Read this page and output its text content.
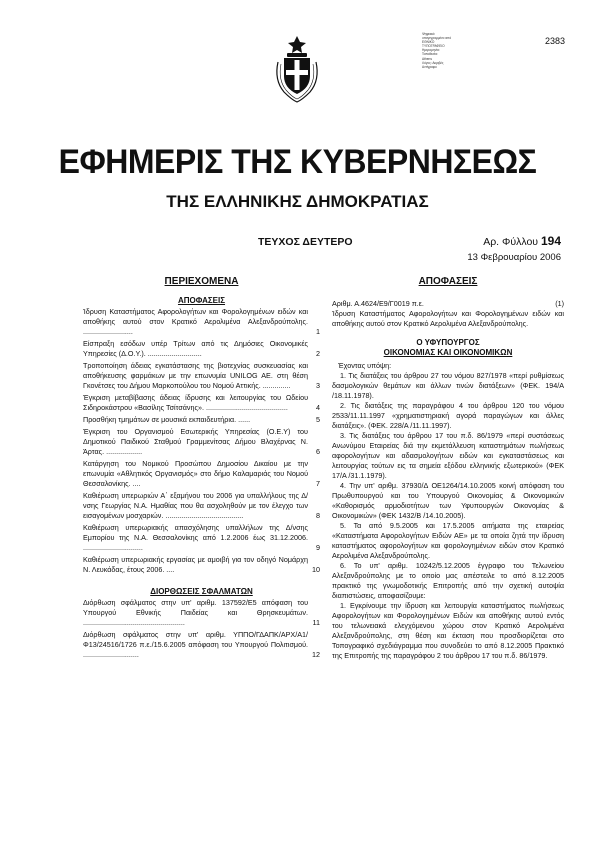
Ψηφιακά
υπογεγραμμένο από
ΕΘΝΙΚΟ
ΤΥΠΟΓΡΑΦΕΙΟ
Ημερομηνία:
Τοποθεσία:
Athens
Λόγος: Ακριβές
Αντίγραφο
2383
ΕΦΗΜΕΡΙΣ ΤΗΣ ΚΥΒΕΡΝΗΣΕΩΣ
ΤΗΣ ΕΛΛΗΝΙΚΗΣ ΔΗΜΟΚΡΑΤΙΑΣ
ΤΕΥΧΟΣ ΔΕΥΤΕΡΟ	Αρ. Φύλλου 194
13 Φεβρουαρίου 2006
ΠΕΡΙΕΧΟΜΕΝΑ
ΑΠΟΦΑΣΕΙΣ
Ίδρυση Καταστήματος Αφορολογήτων και Φορολογημένων ειδών και αποθήκης αυτού στον Κρατικό Αερολιμένα Αλεξανδρούπολης. .........................	1
Είσπραξη εσόδων υπέρ Τρίτων από τις Δημόσιες Οικονομικές Υπηρεσίες (Δ.Ο.Υ.). ...........................	2
Τροποποίηση άδειας εγκατάστασης της βιοτεχνίας συσκευασίας και αποθήκευσης φαρμάκων με την επωνυμία UNILOG AE. στη θέση Γκονέτσες του Δήμου Μαρκοπούλου του Νομού Αττικής. ..............	3
Έγκριση μεταβίβασης άδειας ίδρυσης και λειτουργίας του Ωδείου Σιδηροκάστρου «Βασίλης Τσίτσάνης». .........................................	4
Προσθήκη τμημάτων σε μουσικά εκπαιδευτήρια. ......	5
Έγκριση του Οργανισμού Εσωτερικής Υπηρεσίας (Ο.Ε.Υ) του Δημοτικού Παιδικού Σταθμού Γραμμενίτσας Δήμου Βλαχέρνας Ν. Άρτας. ..................	6
Κατάργηση του Νομικού Προσώπου Δημοσίου Δικαίου με την επωνυμία «Αθλητικός Οργανισμός» στο δήμο Καλαμαριάς του Νομού Θεσσαλονίκης. ....	7
Καθιέρωση υπερωριών Α΄ εξαμήνου του 2006 για υπαλλήλους της Δ/νσης Γεωργίας Ν.Α. Ημαθίας που θα ασχοληθούν με τον έλεγχο των εισαγομένων μοσχαριών. .......................................	8
Καθιέρωση υπερωριακής απασχόλησης υπαλλήλων της Δ/νσης Εμπορίου της Ν.Α. Θεσσαλονίκης από 1.2.2006 έως 31.12.2006. ..............................	9
Καθιέρωση υπερωριακής εργασίας με αμοιβή για τον οδηγό Νομάρχη Ν. Λευκάδας, έτους 2006. ....	10
ΔΙΟΡΘΩΣΕΙΣ ΣΦΑΛΜΑΤΩΝ
Διόρθωση σφάλματος στην υπ' αριθμ. 137592/Ε5 απόφαση του Υπουργού Εθνικής Παιδείας και Θρησκευμάτων. ...................................................	11
Διόρθωση σφάλματος στην υπ' αριθμ. ΥΠΠΟ/ΓΔΑΠΚ/ΑΡΧ/Α1/Φ13/24516/1726 π.ε./15.6.2005 απόφαση του Υπουργού Πολιτισμού. ............................	12
ΑΠΟΦΑΣΕΙΣ
Αριθμ. Α.4624/Ε9/Γ0019 π.ε.	(1)
Ίδρυση Καταστήματος Αφορολογήτων και Φορολογημένων ειδών και αποθήκης αυτού στον Κρατικό Αερολιμένα Αλεξανδρούπολης.
Ο ΥΦΥΠΟΥΡΓΟΣ
ΟΙΚΟΝΟΜΙΑΣ ΚΑΙ ΟΙΚΟΝΟΜΙΚΩΝ
Έχοντας υπόψη:
1. Τις διατάξεις του άρθρου 27 του νόμου 827/1978 «περί ρυθμίσεως δασμολογικών θεμάτων και άλλων τινών διατάξεων» (ΦΕΚ. 194/Α /18.11.1978).
2. Τις διατάξεις της παραγράφου 4 του άρθρου 120 του νόμου 2533/11.11.1997 «χρηματιστηριακή αγορά παραγώγων και άλλες διατάξεις». (ΦΕΚ. 228/Α /11.11.1997).
3. Τις διατάξεις του άρθρου 17 του π.δ. 86/1979 «περί συστάσεως Ανωνύμου Εταιρείας διά την εκμετάλλευση καταστημάτων πωλήσεως αφορολογήτων και αδασμολογήτων ειδών και εγκαταστάσεως και λειτουργίας τούτων εις τα σημεία εξόδου ελληνικής εξωτερικού» (ΦΕΚ 17/Α /31.1.1979).
4. Την υπ' αριθμ. 37930/Δ ΟΕ1264/14.10.2005 κοινή απόφαση του Πρωθυπουργού και του Υπουργού Οικονομίας & Οικονομικών «Καθορισμός αρμοδιοτήτων των Υφυπουργών Οικονομίας & Οικονομικών» (ΦΕΚ 1432/Β /14.10.2005).
5. Τα από 9.5.2005 και 17.5.2005 αιτήματα της εταιρείας «Καταστήματα Αφορολογήτων Ειδών ΑΕ» με τα οποία ζητά την ίδρυση καταστήματος αφορολογήτων και φορολογημένων ειδών στον Κρατικό Αερολιμένα Αλεξανδρούπολης.
6. Το υπ' αριθμ. 10242/5.12.2005 έγγραφο του Τελωνείου Αλεξανδρούπολης με το οποίο μας απέστειλε το από 8.12.2005 πρακτικό της γνωμοδοτικής Επιτροπής από την σχετική αυτοψία διαπιστώσεις, αποφασίζουμε:
1. Εγκρίνουμε την ίδρυση και λειτουργία καταστήματος πωλήσεως Αφορολογήτων και Φορολογημένων Ειδών και αποθήκης αυτού εντός του τελωνειακά ελεγχόμενου χώρου στον Κρατικό Αερολιμένα Αλεξανδρούπολης, στη θέση και έκταση που προσδιορίζεται στο Τοπογραφικό σχεδιάγραμμα που συνοδεύει το από 8.12.2005 Πρακτικό της Επιτροπής της παραγράφου 2 του άρθρου 17 του π.δ. 86/1979.
